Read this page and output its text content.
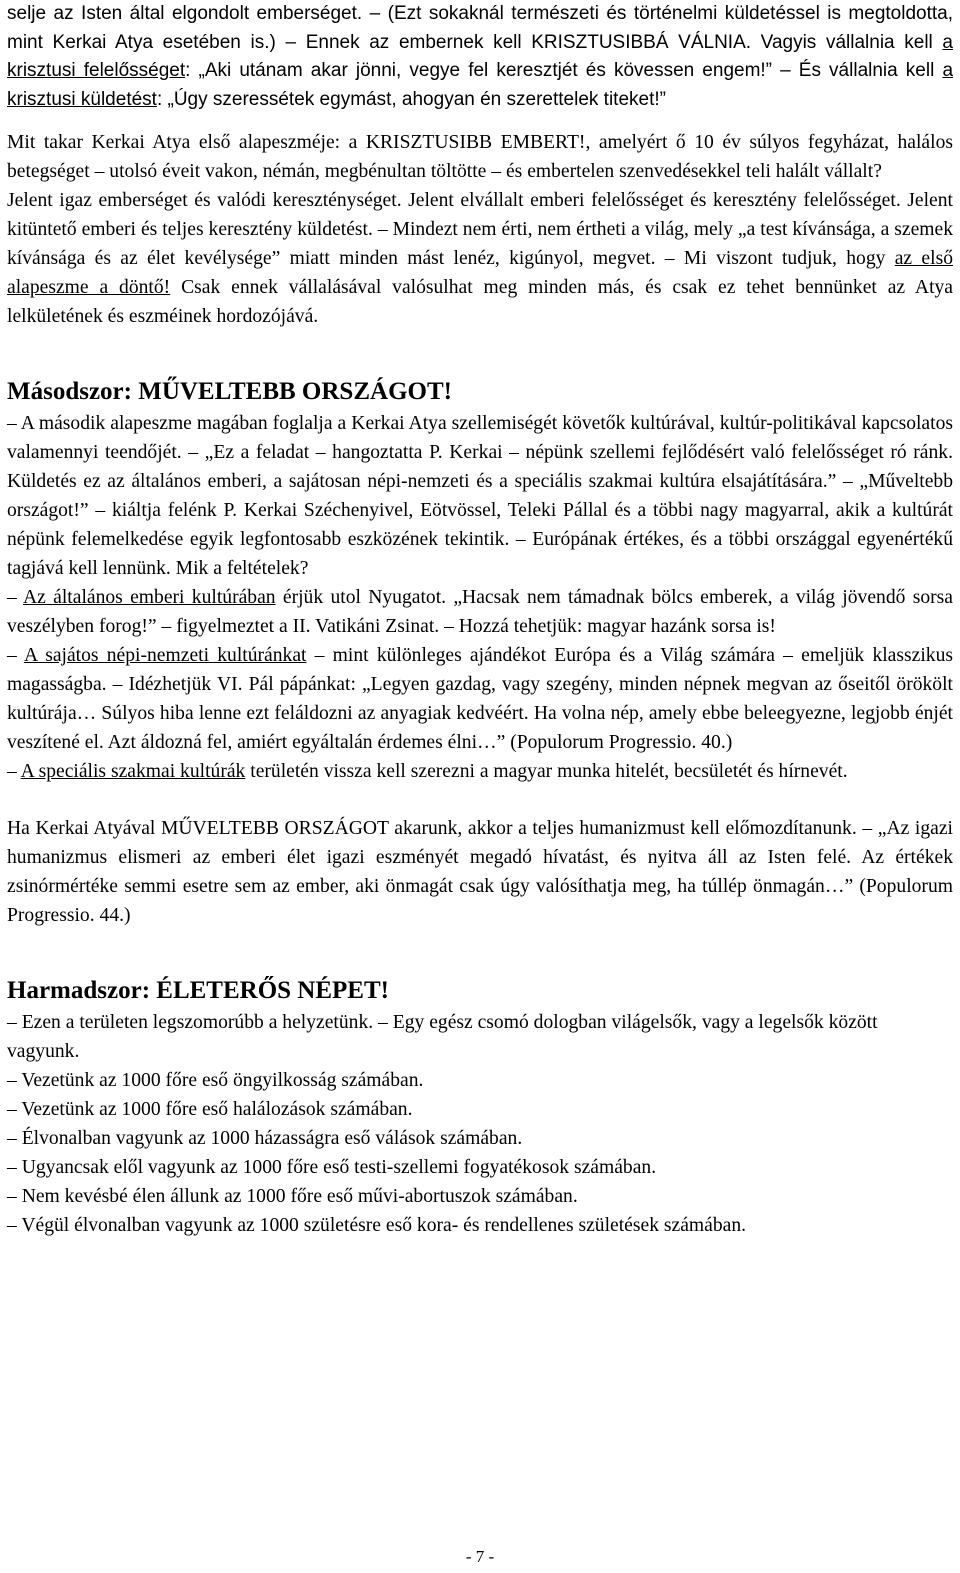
selje az Isten által elgondolt emberséget. – (Ezt sokaknál természeti és történelmi küldetéssel is megtoldotta, mint Kerkai Atya esetében is.) – Ennek az embernek kell KRISZTUSIBBÁ VÁLNIA. Vagyis vállalnia kell a krisztusi felelősséget: „Aki utánam akar jönni, vegye fel keresztjét és kövessen engem!” – És vállalnia kell a krisztusi küldetést: „Úgy szeressétek egymást, ahogyan én szerettelek titeket!”

Mit takar Kerkai Atya első alapeszméje: a KRISZTUSIBB EMBERT!, amelyért ő 10 év súlyos fegyházat, halálos betegséget – utolsó éveit vakon, némán, megbénultan töltötte – és embertelen szenvedésekkel teli halált vállalt?

Jelent igaz emberséget és valódi kereszténységet. Jelent elvállalt emberi felelősséget és keresztény felelősséget. Jelent kitüntető emberi és teljes keresztény küldetést. – Mindezt nem érti, nem értheti a világ, mely „a test kívánsága, a szemek kívánsága és az élet kevélysége” miatt minden mást lenéz, kigúnyol, megvet. – Mi viszont tudjuk, hogy az első alapeszme a döntő! Csak ennek vállalásával valósulhat meg minden más, és csak ez tehet bennünket az Atya lelkületének és eszméinek hordozójává.

Másodszor: MŰVELTEBB ORSZÁGOT!

– A második alapeszme magában foglalja a Kerkai Atya szellemiségét követők kultúrával, kultúr-politikával kapcsolatos valamennyi teendőjét. – „Ez a feladat – hangoztatta P. Kerkai – népünk szellemi fejlődésért való felelősséget ró ránk. Küldetés ez az általános emberi, a sajátosan népi-nemzeti és a speciális szakmai kultúra elsajátítására.” – „Műveltebb országot!” – kiáltja felénk P. Kerkai Széchenyivel, Eötvössel, Teleki Pállal és a többi nagy magyarral, akik a kultúrát népünk felemelkedése egyik legfontosabb eszközének tekintik. – Európának értékes, és a többi országgal egyenértékű tagjává kell lennünk. Mik a feltételek?

– Az általános emberi kultúrában érjük utol Nyugatot. „Hacsak nem támadnak bölcs emberek, a világ jövendő sorsa veszélyben forog!” – figyelmeztet a II. Vatikáni Zsinat. – Hozzá tehetjük: magyar hazánk sorsa is!

– A sajátos népi-nemzeti kultúránkat – mint különleges ajándékot Európa és a Világ számára – emeljük klasszikus magasságba. – Idézhetjük VI. Pál pápánkat: „Legyen gazdag, vagy szegény, minden népnek megvan az őseitől örökölt kultúrája… Súlyos hiba lenne ezt feláldozni az anyagiak kedvéért. Ha volna nép, amely ebbe beleegyezne, legjobb énjét veszítené el. Azt áldozná fel, amiért egyáltalán érdemes élni…” (Populorum Progressio. 40.)

– A speciális szakmai kultúrák területén vissza kell szerezni a magyar munka hitelét, becsületét és hírnevét.

Ha Kerkai Atyával MŰVELTEBB ORSZÁGOT akarunk, akkor a teljes humanizmust kell előmozdítanunk. – „Az igazi humanizmus elismeri az emberi élet igazi eszményét megadó hívatást, és nyitva áll az Isten felé. Az értékek zsinórmértéke semmi esetre sem az ember, aki önmagát csak úgy valósíthatja meg, ha túllép önmagán…” (Populorum Progressio. 44.)

Harmadszor: ÉLETERŐS NÉPET!

– Ezen a területen legszomorúbb a helyzetünk. – Egy egész csomó dologban világelsők, vagy a legelsők között vagyunk.

– Vezetünk az 1000 főre eső öngyilkosság számában.

– Vezetünk az 1000 főre eső halálozások számában.

– Élvonalban vagyunk az 1000 házasságra eső válások számában.

– Ugyancsak elől vagyunk az 1000 főre eső testi-szellemi fogyatékosok számában.

– Nem kevésbé élen állunk az 1000 főre eső művi-abortuszok számában.

– Végül élvonalban vagyunk az 1000 születésre eső kora- és rendellenes születések számában.

- 7 -
